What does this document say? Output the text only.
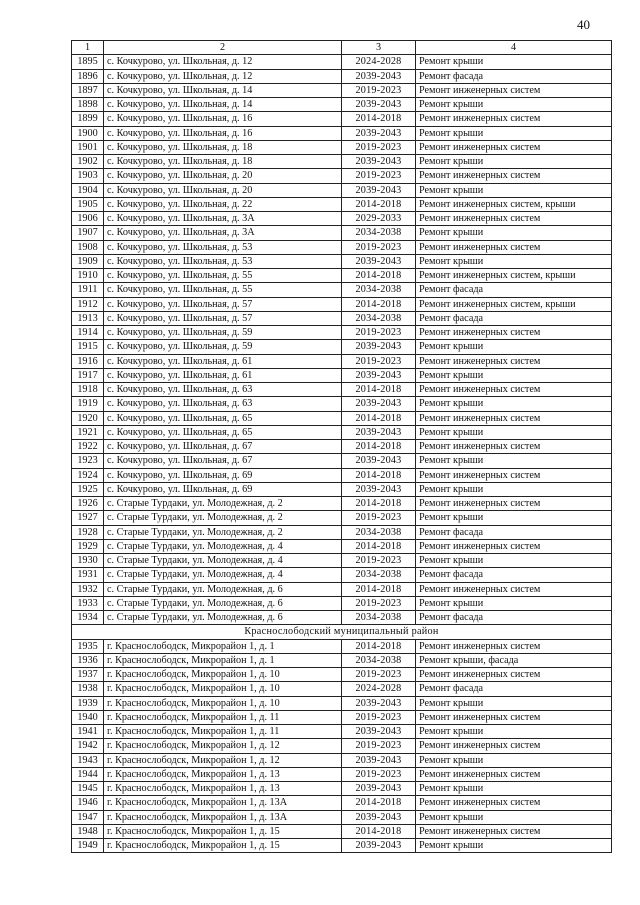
40
1	2	3	4
1895	с. Кочкурово, ул. Школьная, д. 12	2024-2028	Ремонт крыши
1896	с. Кочкурово, ул. Школьная, д. 12	2039-2043	Ремонт фасада
1897	с. Кочкурово, ул. Школьная, д. 14	2019-2023	Ремонт инженерных систем
1898	с. Кочкурово, ул. Школьная, д. 14	2039-2043	Ремонт крыши
1899	с. Кочкурово, ул. Школьная, д. 16	2014-2018	Ремонт инженерных систем
1900	с. Кочкурово, ул. Школьная, д. 16	2039-2043	Ремонт крыши
1901	с. Кочкурово, ул. Школьная, д. 18	2019-2023	Ремонт инженерных систем
1902	с. Кочкурово, ул. Школьная, д. 18	2039-2043	Ремонт крыши
1903	с. Кочкурово, ул. Школьная, д. 20	2019-2023	Ремонт инженерных систем
1904	с. Кочкурово, ул. Школьная, д. 20	2039-2043	Ремонт крыши
1905	с. Кочкурово, ул. Школьная, д. 22	2014-2018	Ремонт инженерных систем, крыши
1906	с. Кочкурово, ул. Школьная, д. 3А	2029-2033	Ремонт инженерных систем
1907	с. Кочкурово, ул. Школьная, д. 3А	2034-2038	Ремонт крыши
1908	с. Кочкурово, ул. Школьная, д. 53	2019-2023	Ремонт инженерных систем
1909	с. Кочкурово, ул. Школьная, д. 53	2039-2043	Ремонт крыши
1910	с. Кочкурово, ул. Школьная, д. 55	2014-2018	Ремонт инженерных систем, крыши
1911	с. Кочкурово, ул. Школьная, д. 55	2034-2038	Ремонт фасада
1912	с. Кочкурово, ул. Школьная, д. 57	2014-2018	Ремонт инженерных систем, крыши
1913	с. Кочкурово, ул. Школьная, д. 57	2034-2038	Ремонт фасада
1914	с. Кочкурово, ул. Школьная, д. 59	2019-2023	Ремонт инженерных систем
1915	с. Кочкурово, ул. Школьная, д. 59	2039-2043	Ремонт крыши
1916	с. Кочкурово, ул. Школьная, д. 61	2019-2023	Ремонт инженерных систем
1917	с. Кочкурово, ул. Школьная, д. 61	2039-2043	Ремонт крыши
1918	с. Кочкурово, ул. Школьная, д. 63	2014-2018	Ремонт инженерных систем
1919	с. Кочкурово, ул. Школьная, д. 63	2039-2043	Ремонт крыши
1920	с. Кочкурово, ул. Школьная, д. 65	2014-2018	Ремонт инженерных систем
1921	с. Кочкурово, ул. Школьная, д. 65	2039-2043	Ремонт крыши
1922	с. Кочкурово, ул. Школьная, д. 67	2014-2018	Ремонт инженерных систем
1923	с. Кочкурово, ул. Школьная, д. 67	2039-2043	Ремонт крыши
1924	с. Кочкурово, ул. Школьная, д. 69	2014-2018	Ремонт инженерных систем
1925	с. Кочкурово, ул. Школьная, д. 69	2039-2043	Ремонт крыши
1926	с. Старые Турдаки, ул. Молодежная, д. 2	2014-2018	Ремонт инженерных систем
1927	с. Старые Турдаки, ул. Молодежная, д. 2	2019-2023	Ремонт крыши
1928	с. Старые Турдаки, ул. Молодежная, д. 2	2034-2038	Ремонт фасада
1929	с. Старые Турдаки, ул. Молодежная, д. 4	2014-2018	Ремонт инженерных систем
1930	с. Старые Турдаки, ул. Молодежная, д. 4	2019-2023	Ремонт крыши
1931	с. Старые Турдаки, ул. Молодежная, д. 4	2034-2038	Ремонт фасада
1932	с. Старые Турдаки, ул. Молодежная, д. 6	2014-2018	Ремонт инженерных систем
1933	с. Старые Турдаки, ул. Молодежная, д. 6	2019-2023	Ремонт крыши
1934	с. Старые Турдаки, ул. Молодежная, д. 6	2034-2038	Ремонт фасада
Краснослободский муниципальный район			
1935	г. Краснослободск, Микрорайон 1, д. 1	2014-2018	Ремонт инженерных систем
1936	г. Краснослободск, Микрорайон 1, д. 1	2034-2038	Ремонт крыши, фасада
1937	г. Краснослободск, Микрорайон 1, д. 10	2019-2023	Ремонт инженерных систем
1938	г. Краснослободск, Микрорайон 1, д. 10	2024-2028	Ремонт фасада
1939	г. Краснослободск, Микрорайон 1, д. 10	2039-2043	Ремонт крыши
1940	г. Краснослободск, Микрорайон 1, д. 11	2019-2023	Ремонт инженерных систем
1941	г. Краснослободск, Микрорайон 1, д. 11	2039-2043	Ремонт крыши
1942	г. Краснослободск, Микрорайон 1, д. 12	2019-2023	Ремонт инженерных систем
1943	г. Краснослободск, Микрорайон 1, д. 12	2039-2043	Ремонт крыши
1944	г. Краснослободск, Микрорайон 1, д. 13	2019-2023	Ремонт инженерных систем
1945	г. Краснослободск, Микрорайон 1, д. 13	2039-2043	Ремонт крыши
1946	г. Краснослободск, Микрорайон 1, д. 13А	2014-2018	Ремонт инженерных систем
1947	г. Краснослободск, Микрорайон 1, д. 13А	2039-2043	Ремонт крыши
1948	г. Краснослободск, Микрорайон 1, д. 15	2014-2018	Ремонт инженерных систем
1949	г. Краснослободск, Микрорайон 1, д. 15	2039-2043	Ремонт крыши
